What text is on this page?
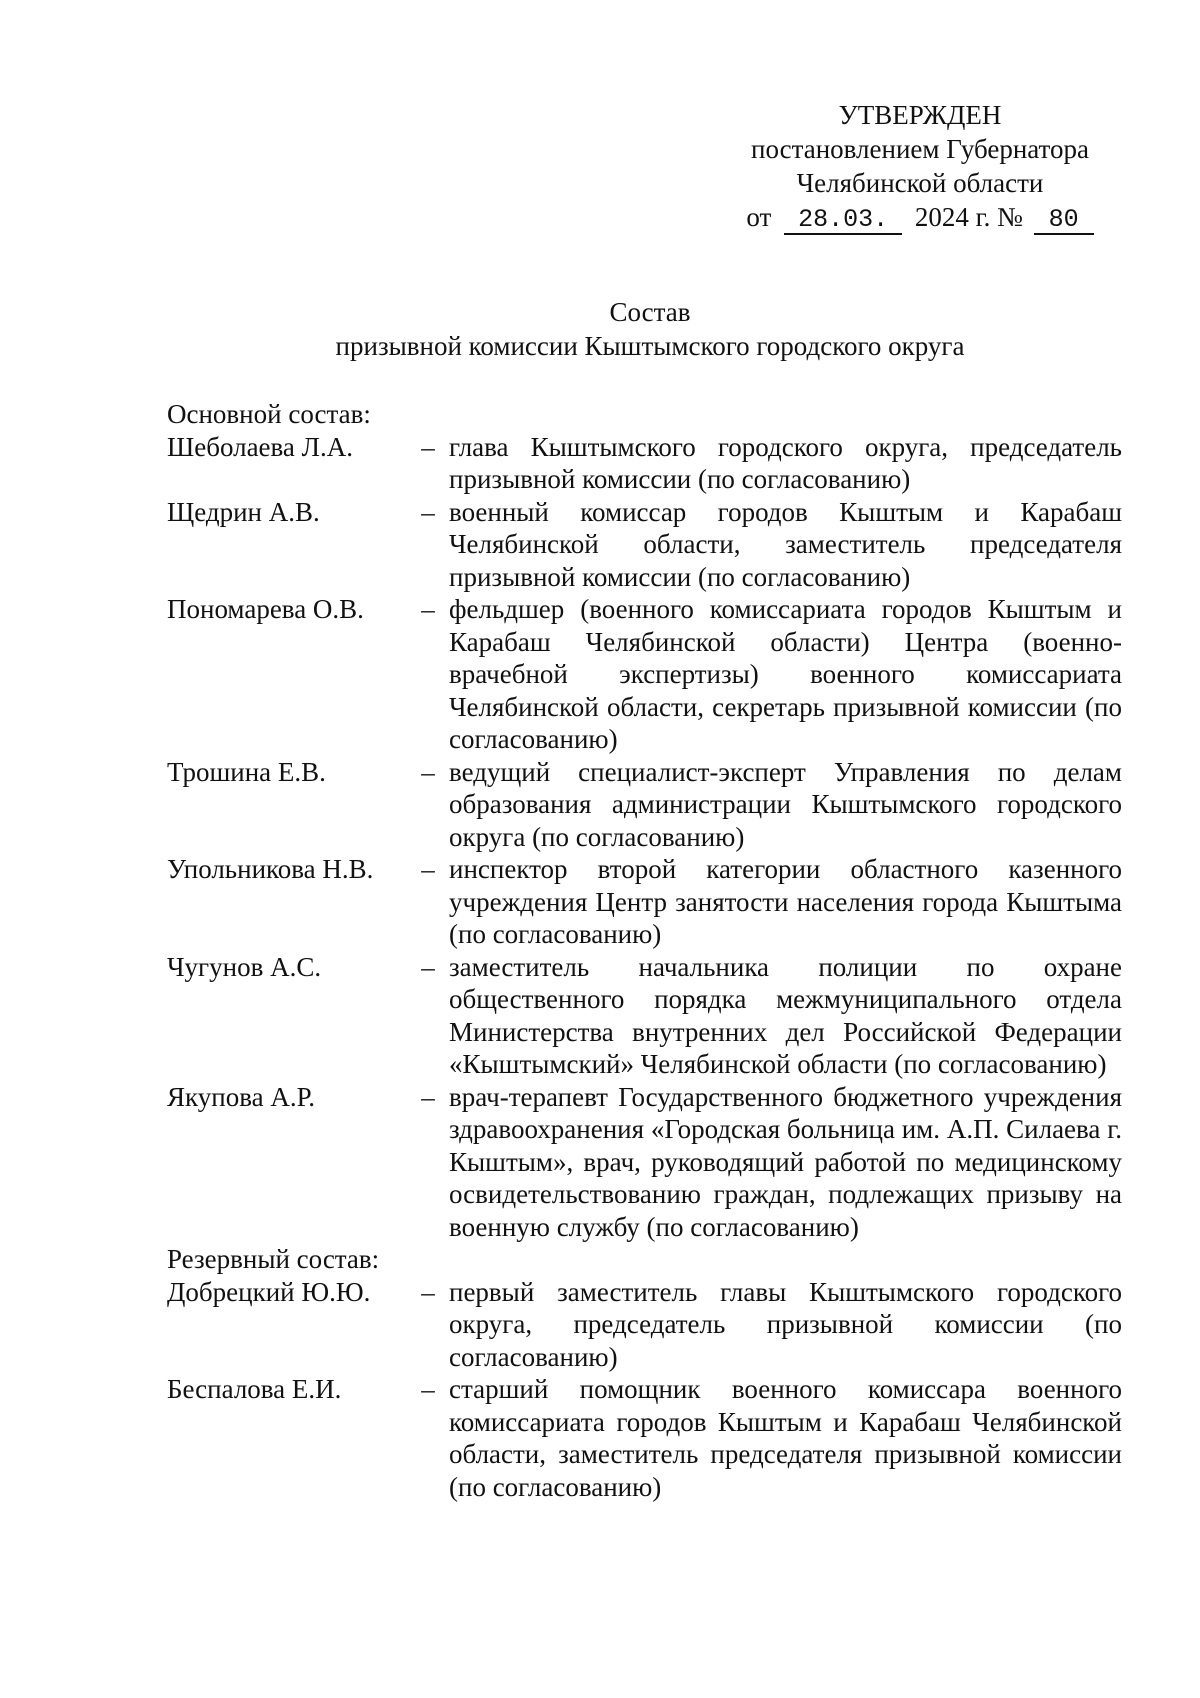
УТВЕРЖДЕН
постановлением Губернатора
Челябинской области
от 28.03. 2024 г. № 80
Состав
призывной комиссии Кыштымского городского округа
Основной состав:
Шеболаева Л.А.	– глава Кыштымского городского округа, председатель призывной комиссии (по согласованию)

Щедрин А.В.	– военный комиссар городов Кыштым и Карабаш Челябинской области, заместитель председателя призывной комиссии (по согласованию)

Пономарева О.В.	– фельдшер (военного комиссариата городов Кыштым и Карабаш Челябинской области) Центра (военно-врачебной экспертизы) военного комиссариата Челябинской области, секретарь призывной комиссии (по согласованию)

Трошина Е.В.	– ведущий специалист-эксперт Управления по делам образования администрации Кыштымского городского округа (по согласованию)

Упольникова Н.В.	– инспектор второй категории областного казенного учреждения Центр занятости населения города Кыштыма (по согласованию)

Чугунов А.С.	– заместитель начальника полиции по охране общественного порядка межмуниципального отдела Министерства внутренних дел Российской Федерации «Кыштымский» Челябинской области (по согласованию)

Якупова А.Р.	– врач-терапевт Государственного бюджетного учреждения здравоохранения «Городская больница им. А.П. Силаева г. Кыштым», врач, руководящий работой по медицинскому освидетельствованию граждан, подлежащих призыву на военную службу (по согласованию)

Резервный состав:
Добрецкий Ю.Ю.	– первый заместитель главы Кыштымского городского округа, председатель призывной комиссии (по согласованию)

Беспалова Е.И.	– старший помощник военного комиссара военного комиссариата городов Кыштым и Карабаш Челябинской области, заместитель председателя призывной комиссии (по согласованию)
